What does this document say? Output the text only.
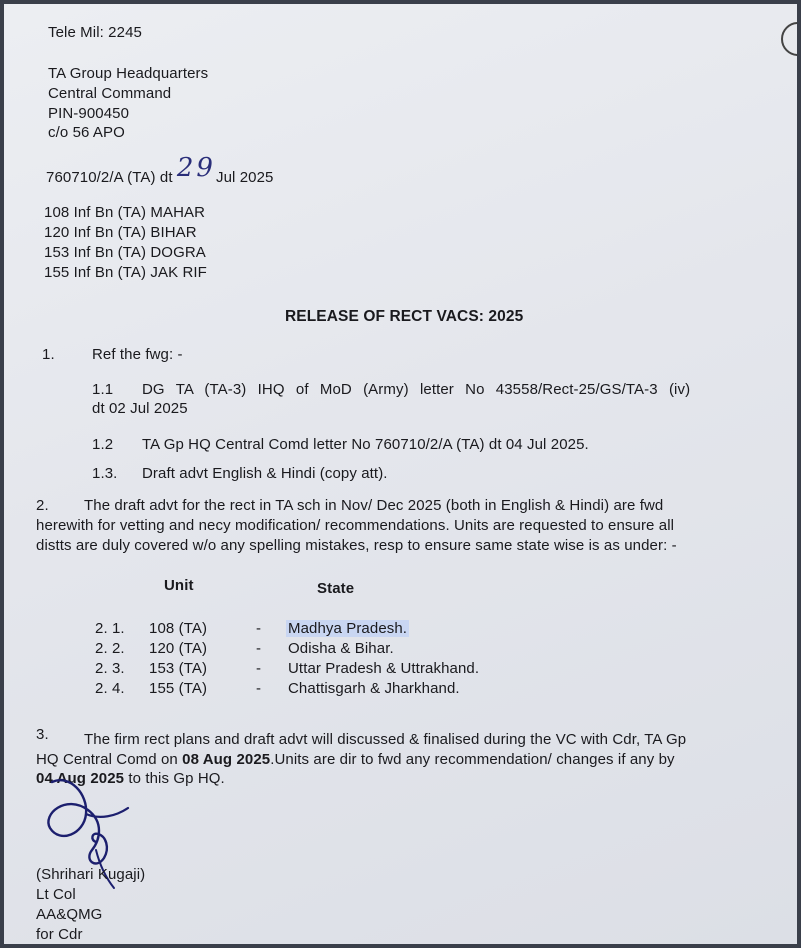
Tele Mil: 2245
TA Group Headquarters
Central Command
PIN-900450
c/o 56 APO
760710/2/A (TA) dt 29Jul 2025
108 Inf Bn (TA) MAHAR
120 Inf Bn (TA) BIHAR
153 Inf Bn (TA) DOGRA
155 Inf Bn (TA) JAK RIF
RELEASE OF RECT VACS: 2025
1. Ref the fwg: -
1.1 DG TA (TA-3) IHQ of MoD (Army) letter No 43558/Rect-25/GS/TA-3 (iv)
dt 02 Jul 2025
1.2 TA Gp HQ Central Comd letter No 760710/2/A (TA) dt 04 Jul 2025.
1.3. Draft advt English & Hindi (copy att).
2. The draft advt for the rect in TA sch in Nov/ Dec 2025 (both in English & Hindi) are fwd
herewith for vetting and necy modification/ recommendations. Units are requested to ensure all
distts are duly covered w/o any spelling mistakes, resp to ensure same state wise is as under: -
Unit	State
2. 1. 108 (TA)	- Madhya Pradesh.
2. 2. 120 (TA)	- Odisha & Bihar.
2. 3. 153 (TA)	- Uttar Pradesh & Uttrakhand.
2. 4. 155 (TA)	- Chattisgarh & Jharkhand.
3. The firm rect plans and draft advt will discussed & finalised during the VC with Cdr, TA Gp
HQ Central Comd on 08 Aug 2025.Units are dir to fwd any recommendation/ changes if any by
04 Aug 2025 to this Gp HQ.
(Shrihari Kugaji)
Lt Col
AA&QMG
for Cdr
